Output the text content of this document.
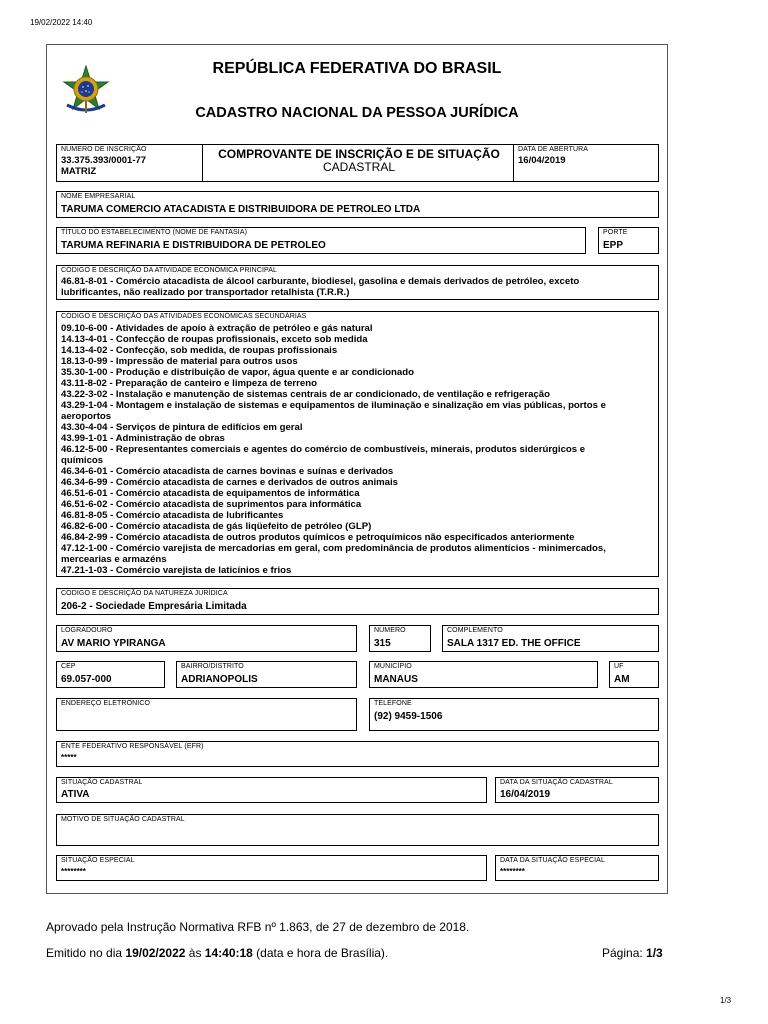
19/02/2022 14:40
1/3
REPÚBLICA FEDERATIVA DO BRASIL
CADASTRO NACIONAL DA PESSOA JURÍDICA
NÚMERO DE INSCRIÇÃO
33.375.393/0001-77
MATRIZ
COMPROVANTE DE INSCRIÇÃO E DE SITUAÇÃO
CADASTRAL
DATA DE ABERTURA
16/04/2019
NOME EMPRESARIAL
TARUMA COMERCIO ATACADISTA E DISTRIBUIDORA DE PETROLEO LTDA
TÍTULO DO ESTABELECIMENTO (NOME DE FANTASIA)
TARUMA REFINARIA E DISTRIBUIDORA DE PETROLEO
PORTE
EPP
CÓDIGO E DESCRIÇÃO DA ATIVIDADE ECONÔMICA PRINCIPAL
46.81-8-01 - Comércio atacadista de álcool carburante, biodiesel, gasolina e demais derivados de petróleo, exceto
lubrificantes, não realizado por transportador retalhista (T.R.R.)
CÓDIGO E DESCRIÇÃO DAS ATIVIDADES ECONÔMICAS SECUNDÁRIAS
09.10-6-00 - Atividades de apoio à extração de petróleo e gás natural
14.13-4-01 - Confecção de roupas profissionais, exceto sob medida
14.13-4-02 - Confecção, sob medida, de roupas profissionais
18.13-0-99 - Impressão de material para outros usos
35.30-1-00 - Produção e distribuição de vapor, água quente e ar condicionado
43.11-8-02 - Preparação de canteiro e limpeza de terreno
43.22-3-02 - Instalação e manutenção de sistemas centrais de ar condicionado, de ventilação e refrigeração
43.29-1-04 - Montagem e instalação de sistemas e equipamentos de iluminação e sinalização em vias públicas, portos e
aeroportos
43.30-4-04 - Serviços de pintura de edifícios em geral
43.99-1-01 - Administração de obras
46.12-5-00 - Representantes comerciais e agentes do comércio de combustíveis, minerais, produtos siderúrgicos e
químicos
46.34-6-01 - Comércio atacadista de carnes bovinas e suínas e derivados
46.34-6-99 - Comércio atacadista de carnes e derivados de outros animais
46.51-6-01 - Comércio atacadista de equipamentos de informática
46.51-6-02 - Comércio atacadista de suprimentos para informática
46.81-8-05 - Comércio atacadista de lubrificantes
46.82-6-00 - Comércio atacadista de gás liqüefeito de petróleo (GLP)
46.84-2-99 - Comércio atacadista de outros produtos químicos e petroquímicos não especificados anteriormente
47.12-1-00 - Comércio varejista de mercadorias em geral, com predominância de produtos alimentícios - minimercados,
mercearias e armazéns
47.21-1-03 - Comércio varejista de laticínios e frios
CÓDIGO E DESCRIÇÃO DA NATUREZA JURÍDICA
206-2 - Sociedade Empresária Limitada
LOGRADOURO
AV MARIO YPIRANGA
NÚMERO
315
COMPLEMENTO
SALA 1317 ED. THE OFFICE
CEP
69.057-000
BAIRRO/DISTRITO
ADRIANOPOLIS
MUNICÍPIO
MANAUS
UF
AM
ENDEREÇO ELETRÔNICO	TELEFONE
(92) 9459-1506
ENTE FEDERATIVO RESPONSÁVEL (EFR)
*****
SITUAÇÃO CADASTRAL
ATIVA
DATA DA SITUAÇÃO CADASTRAL
16/04/2019
MOTIVO DE SITUAÇÃO CADASTRAL
SITUAÇÃO ESPECIAL
********
DATA DA SITUAÇÃO ESPECIAL
********
Aprovado pela Instrução Normativa RFB nº 1.863, de 27 de dezembro de 2018.
Emitido no dia 19/02/2022 às 14:40:18 (data e hora de Brasília).	Página: 1/3
